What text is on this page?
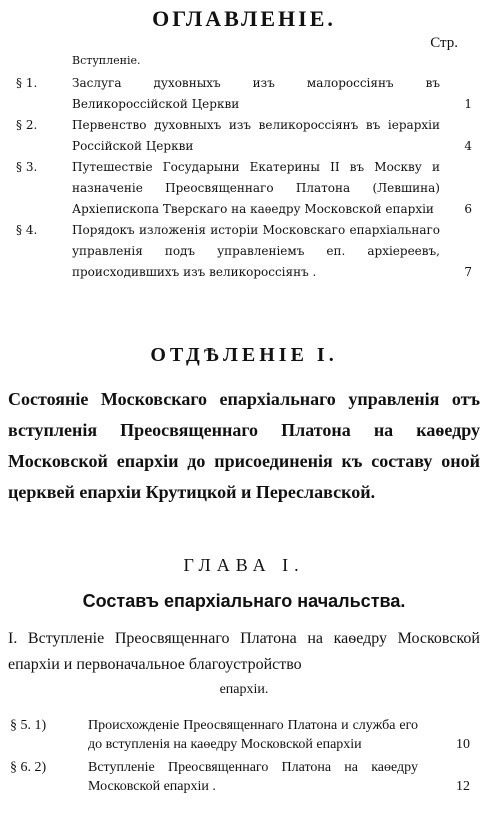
ОГЛАВЛЕНІЕ.
Стр.
Вступленіе.
§ 1.	Заслуга духовныхъ изъ малороссіянъ въ Великороссійской Церкви	1
§ 2.	Первенство духовныхъ изъ великороссіянъ въ іерархіи Россійской Церкви	4
§ 3.	Путешествіе Государыни Екатерины II въ Москву и назначеніе Преосвященнаго Платона (Левшина) Архіепископа Тверскаго на каѳедру Московской епархіи	6
§ 4.	Порядокъ изложенія исторіи Московскаго епархіальнаго управленія подъ управленіемъ еп. архіереевъ, происходившихъ изъ великороссіянъ .	7
ОТДѢЛЕНІЕ I.
Состояніе Московскаго епархіальнаго управленія отъ вступленія Преосвященнаго Платона на каѳедру Московской епархіи до присоединенія къ составу оной церквей епархіи Крутицкой и Переславской.
ГЛАВА I.
Составъ епархіальнаго начальства.
I. Вступленіе Преосвященнаго Платона на каѳедру Московской епархіи и первоначальное благоустройство
епархіи.
§ 5. 1)	Происхожденіе Преосвященнаго Платона и служба его до вступленія на каѳедру Московской епархіи	10
§ 6. 2)	Вступленіе Преосвященнаго Платона на каѳедру Московской епархіи .	12
